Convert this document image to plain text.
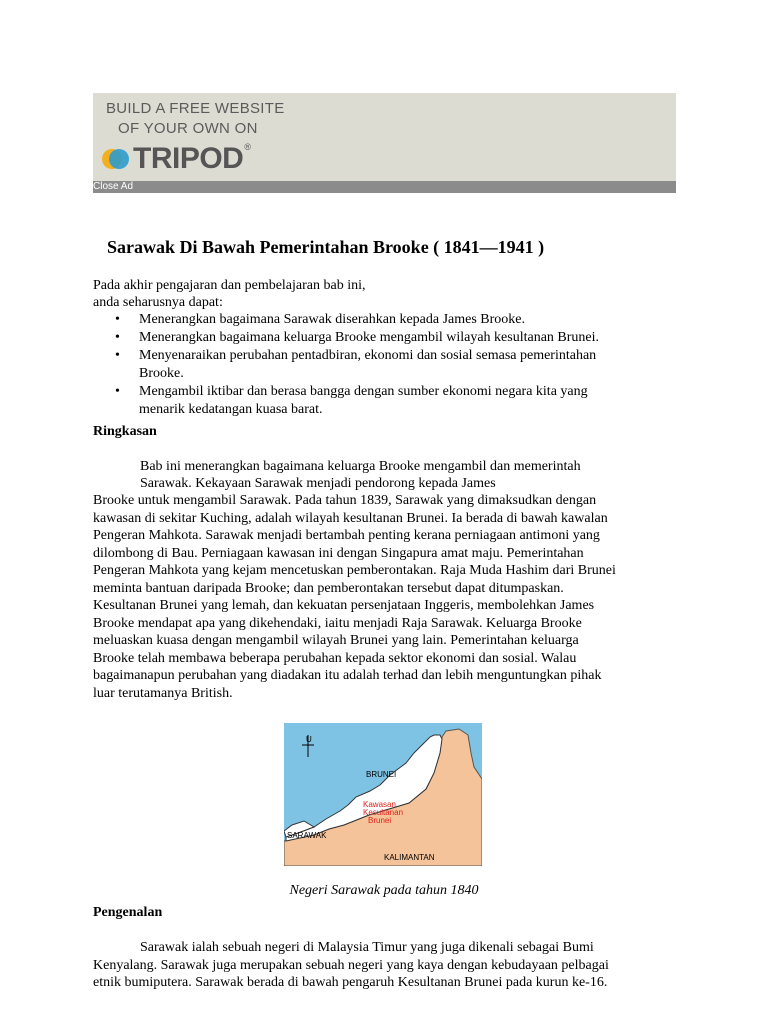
BUILD A FREE WEBSITE
OF YOUR OWN ON
TRIPOD®
Close Ad
Sarawak Di Bawah Pemerintahan Brooke ( 1841—1941 )

Pada akhir pengajaran dan pembelajaran bab ini,

anda seharusnya dapat:

• Menerangkan bagaimana Sarawak diserahkan kepada James Brooke.
• Menerangkan bagaimana keluarga Brooke mengambil wilayah kesultanan Brunei.
• Menyenaraikan perubahan pentadbiran, ekonomi dan sosial semasa pemerintahan
Brooke.
• Mengambil iktibar dan berasa bangga dengan sumber ekonomi negara kita yang
menarik kedatangan kuasa barat.

Ringkasan

Bab ini menerangkan bagaimana keluarga Brooke mengambil dan memerintah

Sarawak. Kekayaan Sarawak menjadi pendorong kepada James

Brooke untuk mengambil Sarawak. Pada tahun 1839, Sarawak yang dimaksudkan dengan

kawasan di sekitar Kuching, adalah wilayah kesultanan Brunei. Ia berada di bawah kawalan

Pengeran Mahkota. Sarawak menjadi bertambah penting kerana perniagaan antimoni yang

dilombong di Bau. Perniagaan kawasan ini dengan Singapura amat maju. Pemerintahan

Pengeran Mahkota yang kejam mencetuskan pemberontakan. Raja Muda Hashim dari Brunei

meminta bantuan daripada Brooke; dan pemberontakan tersebut dapat ditumpaskan.

Kesultanan Brunei yang lemah, dan kekuatan persenjataan Inggeris, membolehkan James

Brooke mendapat apa yang dikehendaki, iaitu menjadi Raja Sarawak. Keluarga Brooke

meluaskan kuasa dengan mengambil wilayah Brunei yang lain. Pemerintahan keluarga

Brooke telah membawa beberapa perubahan kepada sektor ekonomi dan sosial. Walau

bagaimanapun perubahan yang diadakan itu adalah terhad dan lebih menguntungkan pihak

luar terutamanya British.

U
BRUNEI
Kawasan
Kesultanan
Brunei
SARAWAK
KALIMANTAN

Negeri Sarawak pada tahun 1840

Pengenalan

Sarawak ialah sebuah negeri di Malaysia Timur yang juga dikenali sebagai Bumi

Kenyalang. Sarawak juga merupakan sebuah negeri yang kaya dengan kebudayaan pelbagai

etnik bumiputera. Sarawak berada di bawah pengaruh Kesultanan Brunei pada kurun ke-16.
